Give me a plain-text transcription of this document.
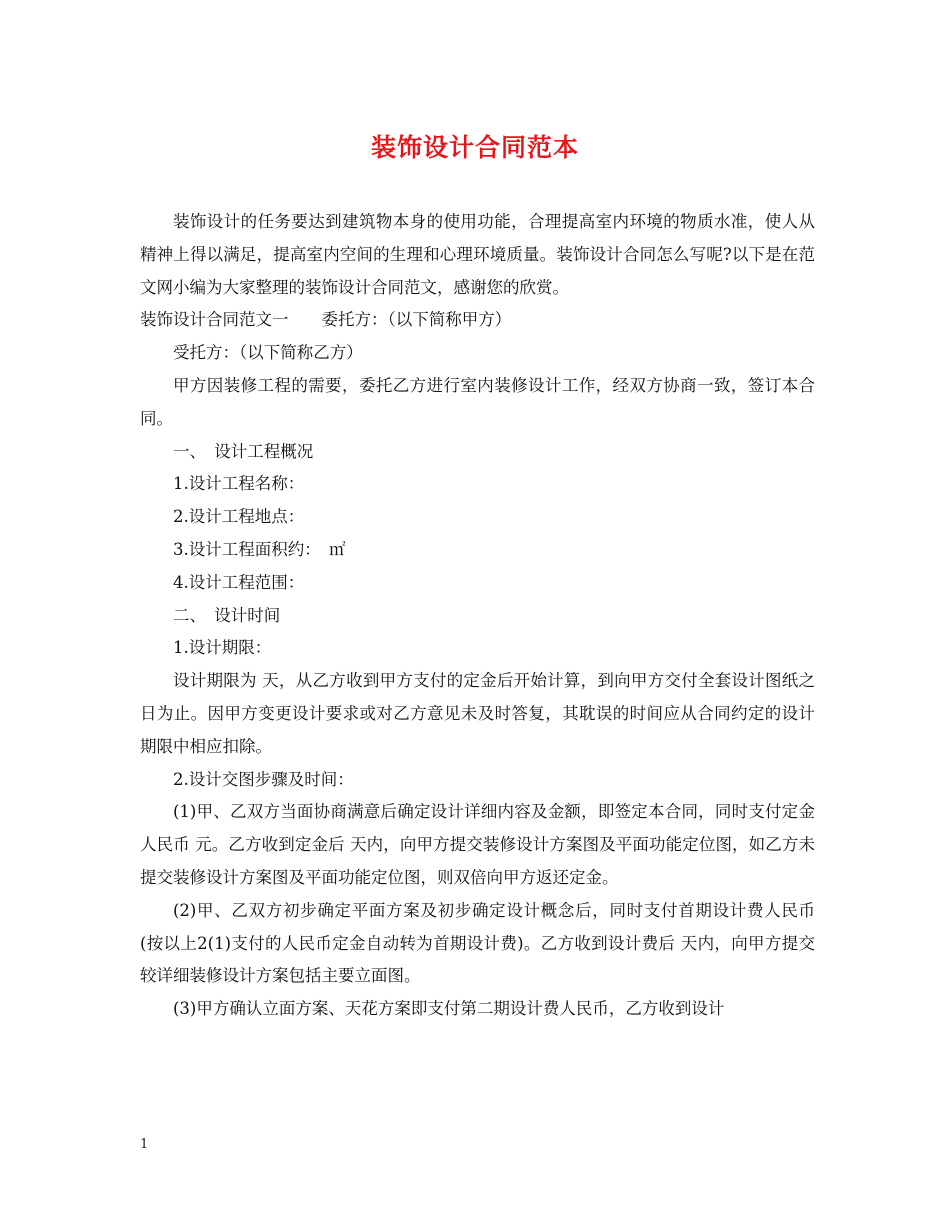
装饰设计合同范本

装饰设计的任务要达到建筑物本身的使用功能，合理提高室内环境的物质水准，使人从精神上得以满足，提高室内空间的生理和心理环境质量。装饰设计合同怎么写呢?以下是在范文网小编为大家整理的装饰设计合同范文，感谢您的欣赏。

装饰设计合同范文一　　委托方：（以下简称甲方）

受托方：（以下简称乙方）

甲方因装修工程的需要，委托乙方进行室内装修设计工作，经双方协商一致，签订本合同。

一、　设计工程概况

1.设计工程名称：

2.设计工程地点：

3.设计工程面积约：　㎡

4.设计工程范围：

二、　设计时间

1.设计期限：

设计期限为 天，从乙方收到甲方支付的定金后开始计算，到向甲方交付全套设计图纸之日为止。因甲方变更设计要求或对乙方意见未及时答复，其耽误的时间应从合同约定的设计期限中相应扣除。

2.设计交图步骤及时间：

(1)甲、乙双方当面协商满意后确定设计详细内容及金额，即签定本合同，同时支付定金人民币 元。乙方收到定金后 天内，向甲方提交装修设计方案图及平面功能定位图，如乙方未提交装修设计方案图及平面功能定位图，则双倍向甲方返还定金。

(2)甲、乙双方初步确定平面方案及初步确定设计概念后，同时支付首期设计费人民币 (按以上2(1)支付的人民币定金自动转为首期设计费)。乙方收到设计费后 天内，向甲方提交较详细装修设计方案包括主要立面图。

(3)甲方确认立面方案、天花方案即支付第二期设计费人民币，乙方收到设计

1
